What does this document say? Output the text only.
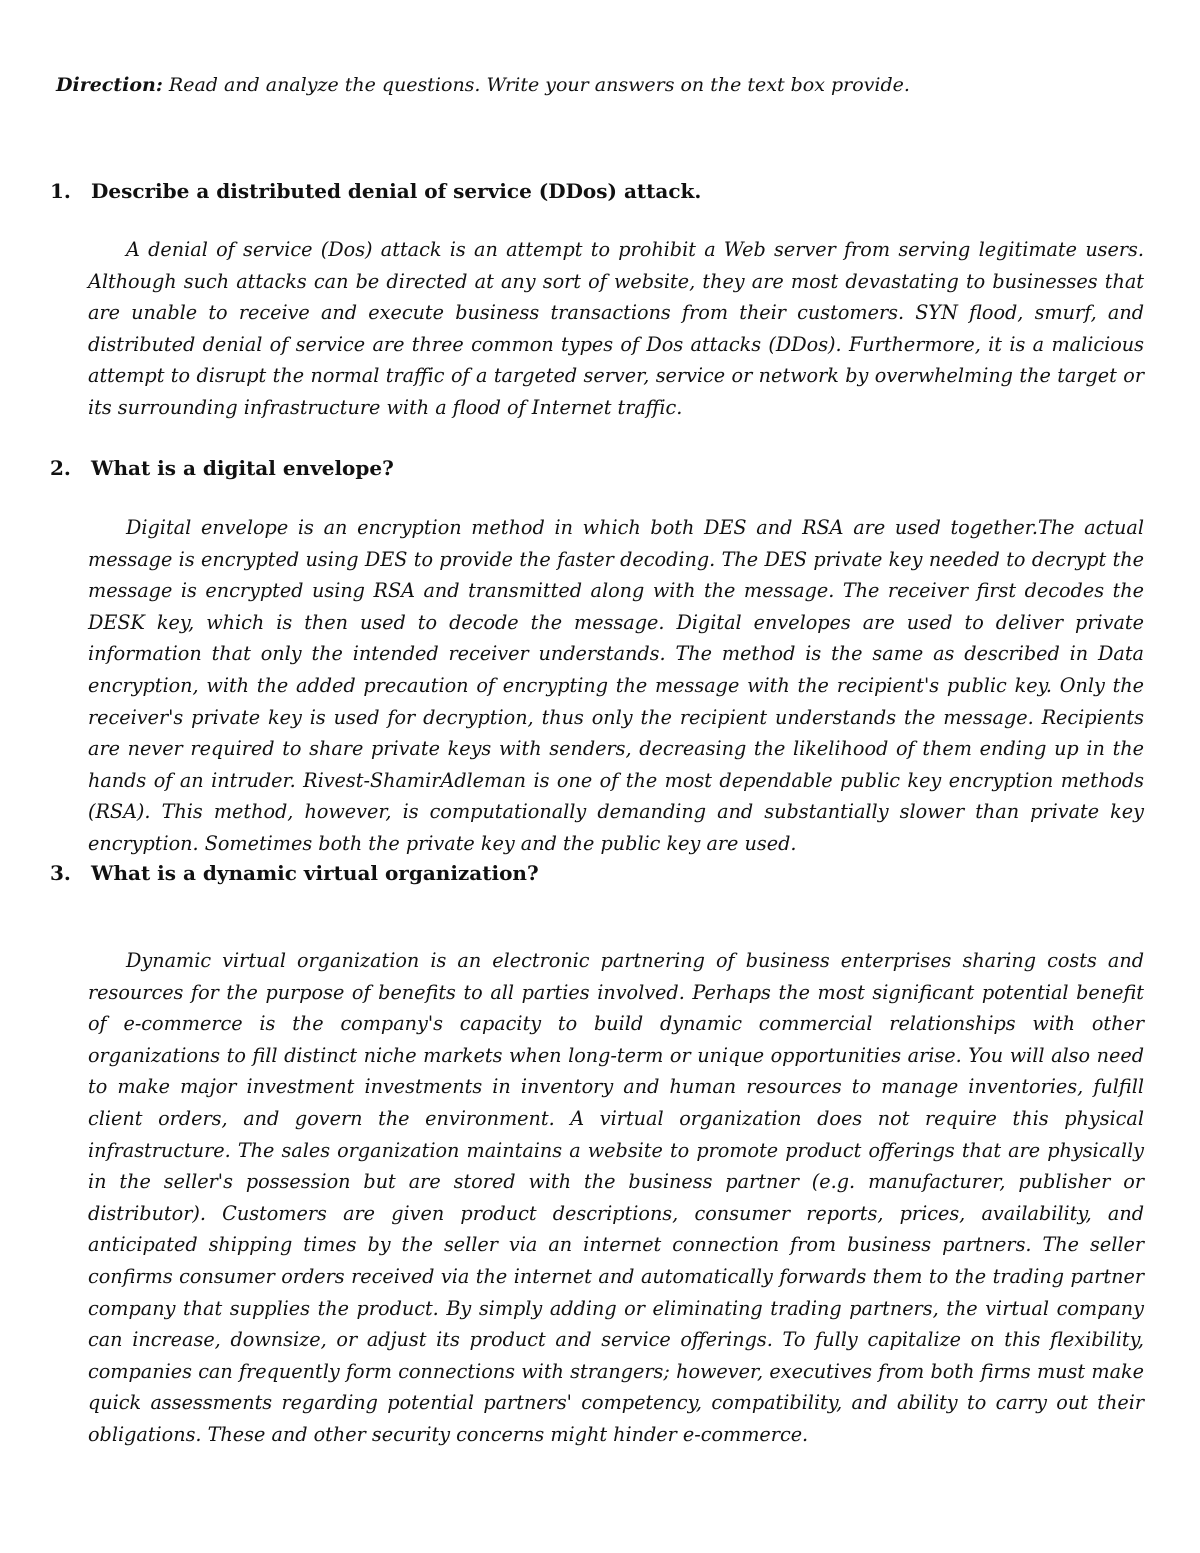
Direction: Read and analyze the questions. Write your answers on the text box provide.
1. Describe a distributed denial of service (DDos) attack.

A denial of service (Dos) attack is an attempt to prohibit a Web server from serving legitimate users. Although such attacks can be directed at any sort of website, they are most devastating to businesses that are unable to receive and execute business transactions from their customers. SYN flood, smurf, and distributed denial of service are three common types of Dos attacks (DDos). Furthermore, it is a malicious attempt to disrupt the normal traffic of a targeted server, service or network by overwhelming the target or its surrounding infrastructure with a flood of Internet traffic.

2. What is a digital envelope?

Digital envelope is an encryption method in which both DES and RSA are used together.The actual message is encrypted using DES to provide the faster decoding. The DES private key needed to decrypt the message is encrypted using RSA and transmitted along with the message. The receiver first decodes the DESK key, which is then used to decode the message. Digital envelopes are used to deliver private information that only the intended receiver understands. The method is the same as described in Data encryption, with the added precaution of encrypting the message with the recipient's public key. Only the receiver's private key is used for decryption, thus only the recipient understands the message. Recipients are never required to share private keys with senders, decreasing the likelihood of them ending up in the hands of an intruder. Rivest-ShamirAdleman is one of the most dependable public key encryption methods (RSA). This method, however, is computationally demanding and substantially slower than private key encryption. Sometimes both the private key and the public key are used.

3. What is a dynamic virtual organization?

Dynamic virtual organization is an electronic partnering of business enterprises sharing costs and resources for the purpose of benefits to all parties involved. Perhaps the most significant potential benefit of e-commerce is the company's capacity to build dynamic commercial relationships with other organizations to fill distinct niche markets when long-term or unique opportunities arise. You will also need to make major investment investments in inventory and human resources to manage inventories, fulfill client orders, and govern the environment. A virtual organization does not require this physical infrastructure. The sales organization maintains a website to promote product offerings that are physically in the seller's possession but are stored with the business partner (e.g. manufacturer, publisher or distributor). Customers are given product descriptions, consumer reports, prices, availability, and anticipated shipping times by the seller via an internet connection from business partners. The seller confirms consumer orders received via the internet and automatically forwards them to the trading partner company that supplies the product. By simply adding or eliminating trading partners, the virtual company can increase, downsize, or adjust its product and service offerings. To fully capitalize on this flexibility, companies can frequently form connections with strangers; however, executives from both firms must make quick assessments regarding potential partners' competency, compatibility, and ability to carry out their obligations. These and other security concerns might hinder e-commerce.
